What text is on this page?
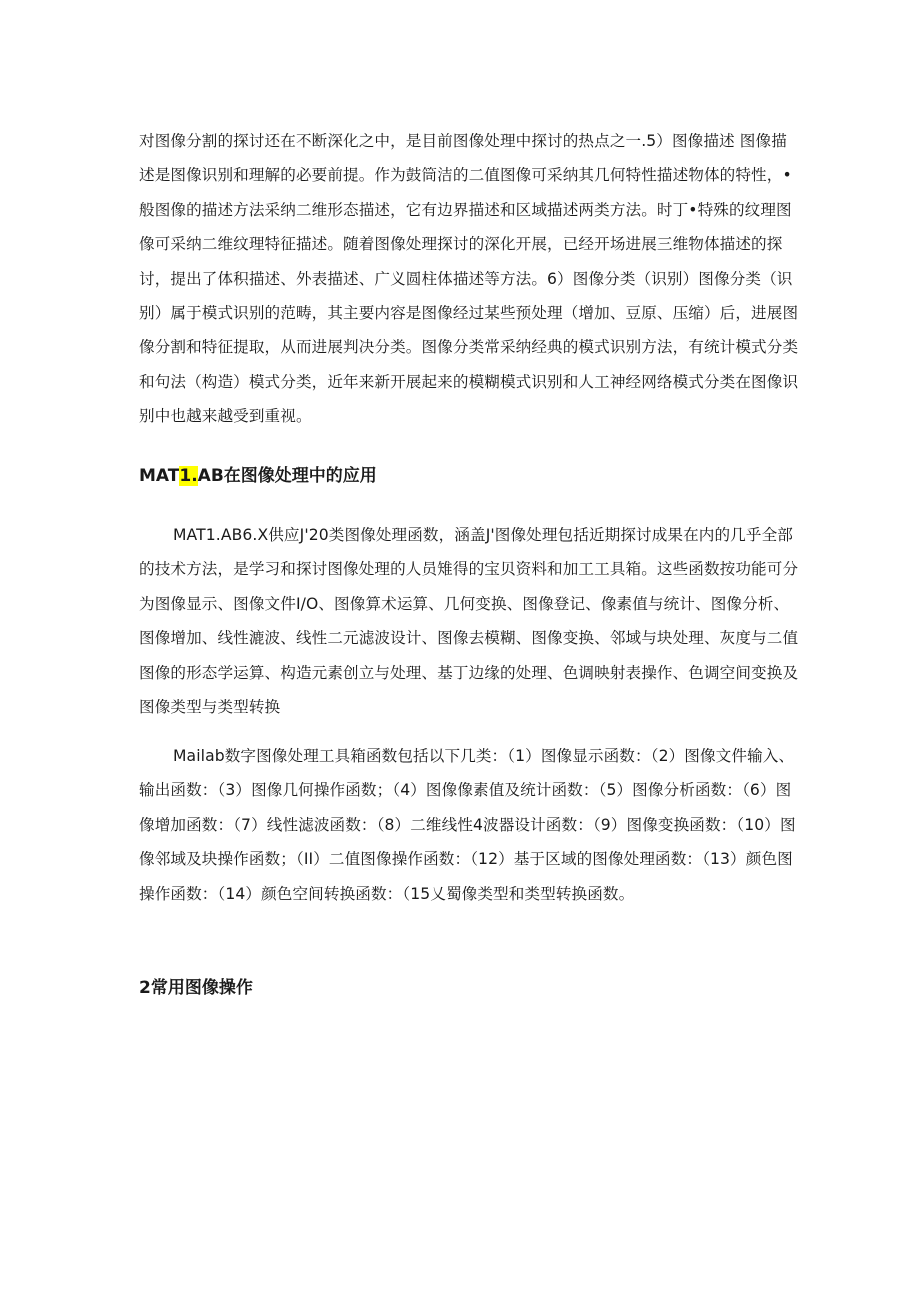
对图像分割的探讨还在不断深化之中，是目前图像处理中探讨的热点之一.5）图像描述 图像描述是图像识别和理解的必要前提。作为鼓筒洁的二值图像可采纳其几何特性描述物体的特性，•般图像的描述方法采纳二维形态描述，它有边界描述和区域描述两类方法。时丁•特殊的纹理图像可采纳二维纹理特征描述。随着图像处理探讨的深化开展，已经开场进展三维物体描述的探讨，提出了体积描述、外表描述、广义圆柱体描述等方法。6）图像分类（识别）图像分类（识别）属于模式识别的范畴，其主要内容是图像经过某些预处理（增加、豆原、压缩）后，进展图像分割和特征提取，从而进展判决分类。图像分类常采纳经典的模式识别方法，有统计模式分类和句法（构造）模式分类，近年来新开展起来的模糊模式识别和人工神经网络模式分类在图像识别中也越来越受到重视。

MAT1.AB在图像处理中的应用

MAT1.AB6.X供应J'20类图像处理函数，涵盖J'图像处理包括近期探讨成果在内的几乎全部的技术方法，是学习和探讨图像处理的人员雉得的宝贝资料和加工工具箱。这些函数按功能可分为图像显示、图像文件I/O、图像算术运算、几何变换、图像登记、像素值与统计、图像分析、图像增加、线性漉波、线性二元滤波设计、图像去模糊、图像变换、邻域与块处理、灰度与二值图像的形态学运算、构造元素创立与处理、基丁边缘的处理、色调映射表操作、色调空间变换及图像类型与类型转换

Mailab数字图像处理工具箱函数包括以下几类：（1）图像显示函数：（2）图像文件输入、输出函数：（3）图像几何操作函数；（4）图像像素值及统计函数：（5）图像分析函数：（6）图像增加函数：（7）线性滤波函数：（8）二维线性4波器设计函数：（9）图像变换函数：（10）图像邻域及块操作函数；（II）二值图像操作函数：（12）基于区域的图像处理函数：（13）颜色图操作函数：（14）颜色空间转换函数：（15乂蜀像类型和类型转换函数。

2常用图像操作
